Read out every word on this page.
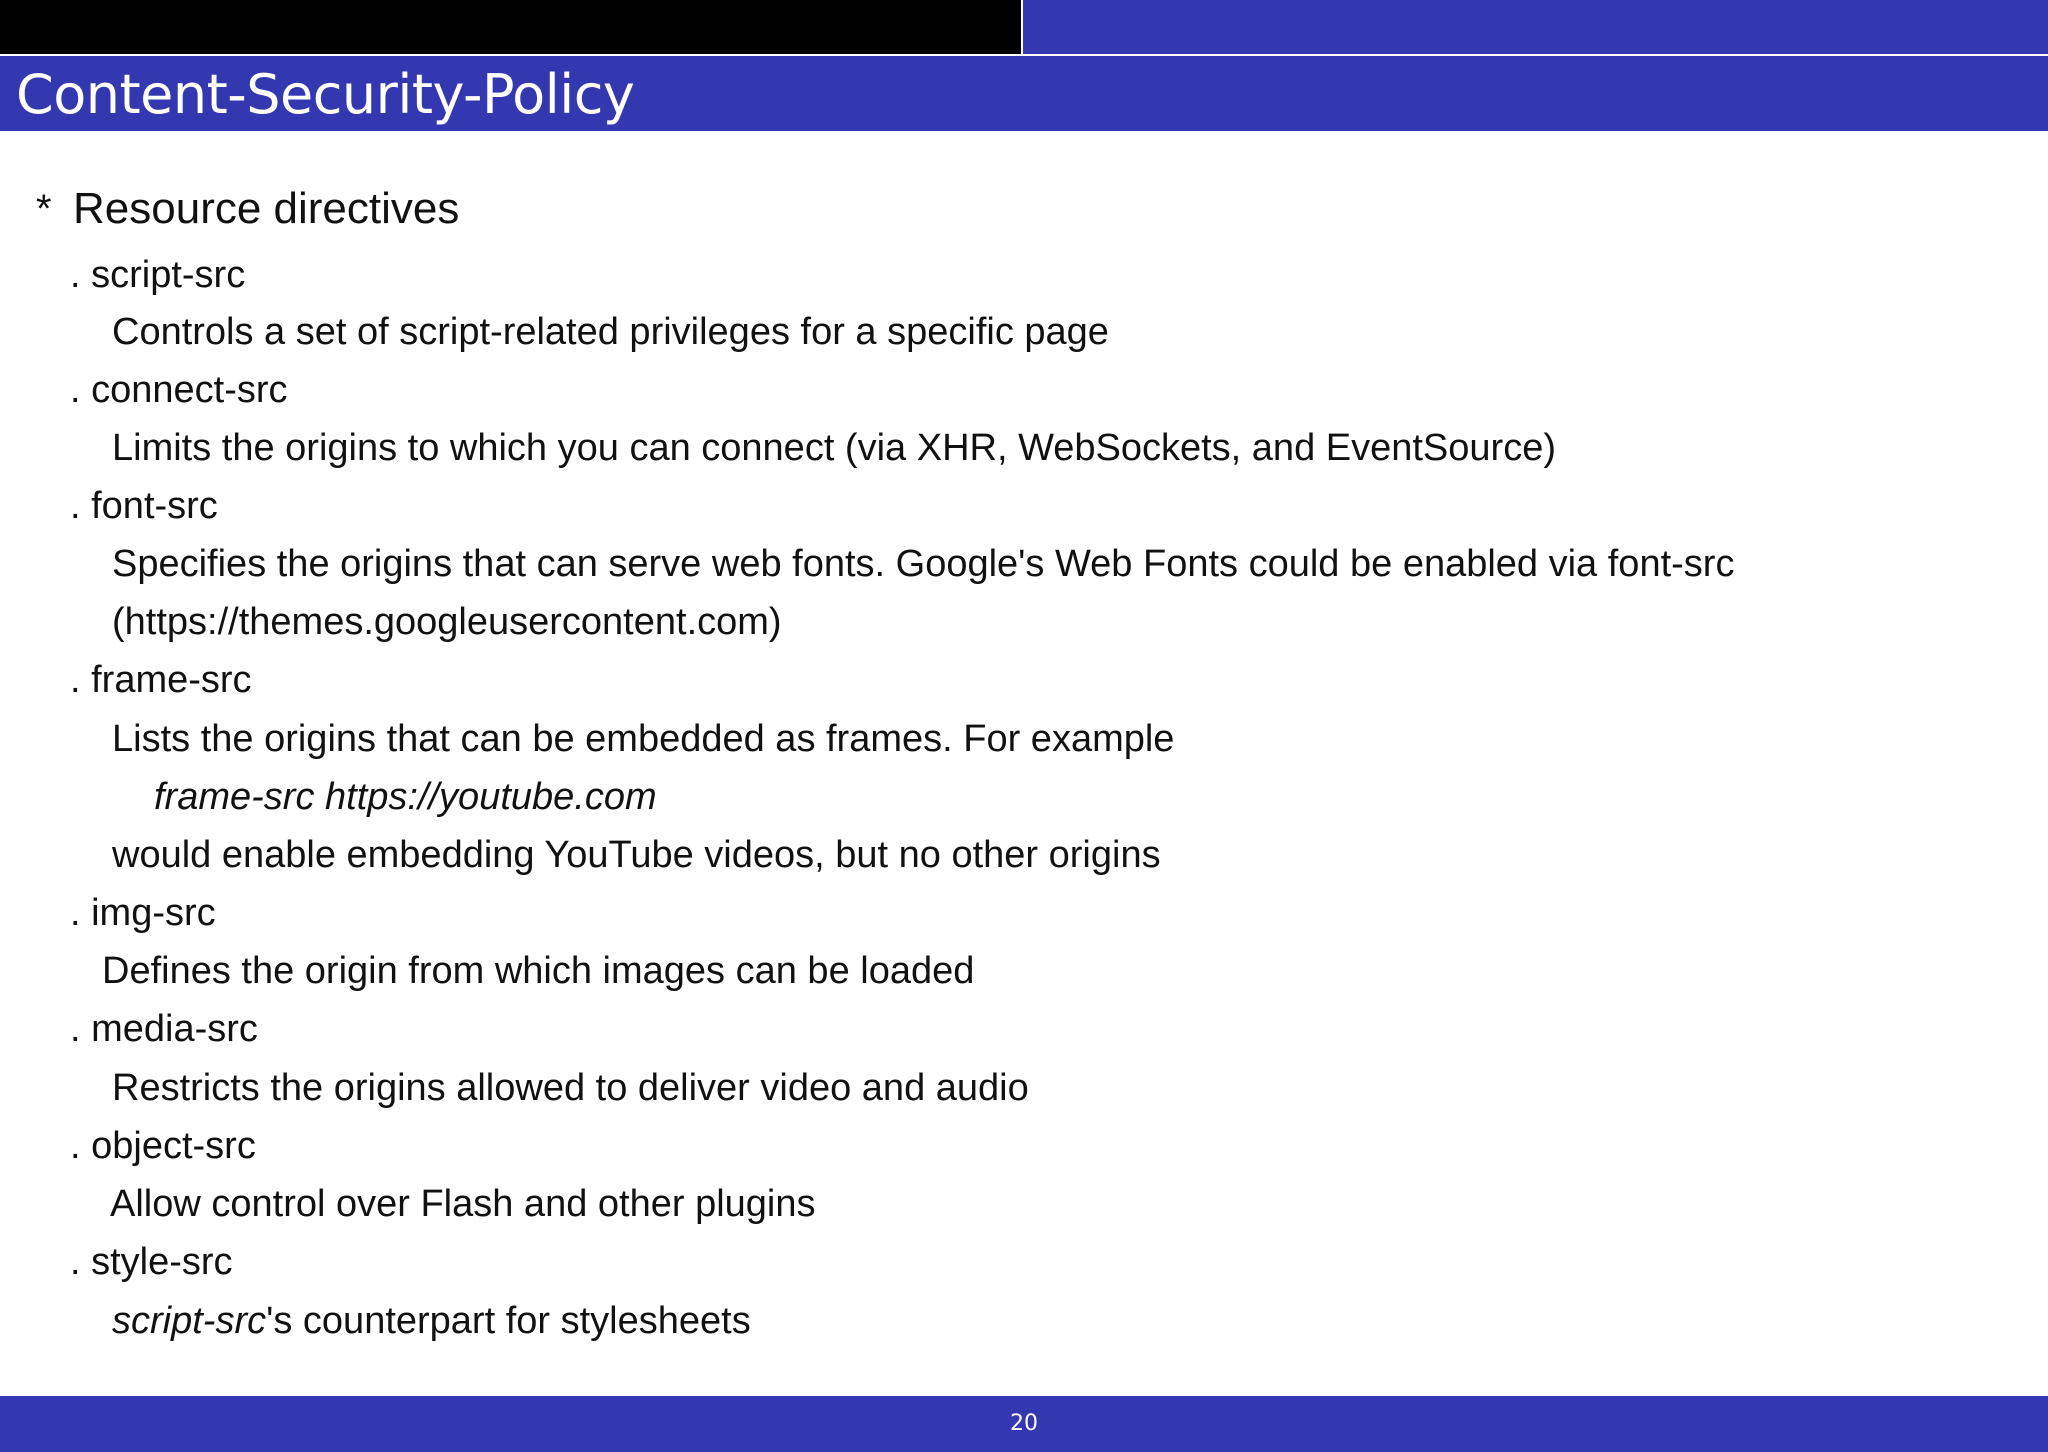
Content-Security-Policy
* Resource directives
. script-src
Controls a set of script-related privileges for a specific page
. connect-src
Limits the origins to which you can connect (via XHR, WebSockets, and EventSource)
. font-src
Specifies the origins that can serve web fonts. Google's Web Fonts could be enabled via font-src
(https://themes.googleusercontent.com)
. frame-src
Lists the origins that can be embedded as frames. For example
frame-src https://youtube.com
would enable embedding YouTube videos, but no other origins
. img-src
Defines the origin from which images can be loaded
. media-src
Restricts the origins allowed to deliver video and audio
. object-src
Allow control over Flash and other plugins
. style-src
script-src's counterpart for stylesheets
20
